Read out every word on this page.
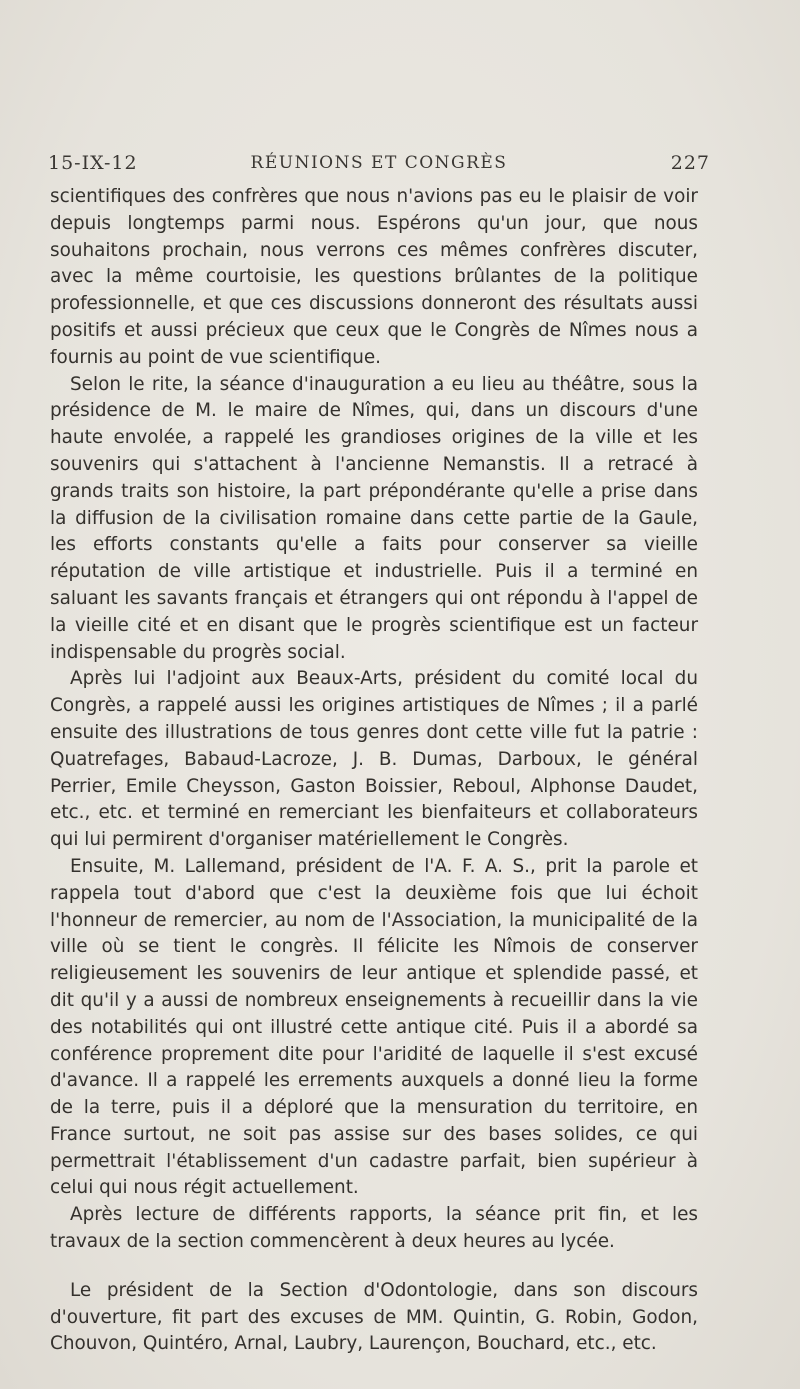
15-IX-12	RÉUNIONS ET CONGRÈS	227

scientifiques des confrères que nous n'avions pas eu le plaisir de voir depuis longtemps parmi nous. Espérons qu'un jour, que nous souhaitons prochain, nous verrons ces mêmes confrères discuter, avec la même courtoisie, les questions brûlantes de la politique professionnelle, et que ces discussions donneront des résultats aussi positifs et aussi précieux que ceux que le Congrès de Nîmes nous a fournis au point de vue scientifique.

Selon le rite, la séance d'inauguration a eu lieu au théâtre, sous la présidence de M. le maire de Nîmes, qui, dans un discours d'une haute envolée, a rappelé les grandioses origines de la ville et les souvenirs qui s'attachent à l'ancienne Nemanstis. Il a retracé à grands traits son histoire, la part prépondérante qu'elle a prise dans la diffusion de la civilisation romaine dans cette partie de la Gaule, les efforts constants qu'elle a faits pour conserver sa vieille réputation de ville artistique et industrielle. Puis il a terminé en saluant les savants français et étrangers qui ont répondu à l'appel de la vieille cité et en disant que le progrès scientifique est un facteur indispensable du progrès social.

Après lui l'adjoint aux Beaux-Arts, président du comité local du Congrès, a rappelé aussi les origines artistiques de Nîmes ; il a parlé ensuite des illustrations de tous genres dont cette ville fut la patrie : Quatrefages, Babaud-Lacroze, J. B. Dumas, Darboux, le général Perrier, Emile Cheysson, Gaston Boissier, Reboul, Alphonse Daudet, etc., etc. et terminé en remerciant les bienfaiteurs et collaborateurs qui lui permirent d'organiser matériellement le Congrès.

Ensuite, M. Lallemand, président de l'A. F. A. S., prit la parole et rappela tout d'abord que c'est la deuxième fois que lui échoit l'honneur de remercier, au nom de l'Association, la municipalité de la ville où se tient le congrès. Il félicite les Nîmois de conserver religieusement les souvenirs de leur antique et splendide passé, et dit qu'il y a aussi de nombreux enseignements à recueillir dans la vie des notabilités qui ont illustré cette antique cité. Puis il a abordé sa conférence proprement dite pour l'aridité de laquelle il s'est excusé d'avance. Il a rappelé les errements auxquels a donné lieu la forme de la terre, puis il a déploré que la mensuration du territoire, en France surtout, ne soit pas assise sur des bases solides, ce qui permettrait l'établissement d'un cadastre parfait, bien supérieur à celui qui nous régit actuellement.

Après lecture de différents rapports, la séance prit fin, et les travaux de la section commencèrent à deux heures au lycée.

Le président de la Section d'Odontologie, dans son discours d'ouverture, fit part des excuses de MM. Quintin, G. Robin, Godon, Chouvon, Quintéro, Arnal, Laubry, Laurençon, Bouchard, etc., etc.
